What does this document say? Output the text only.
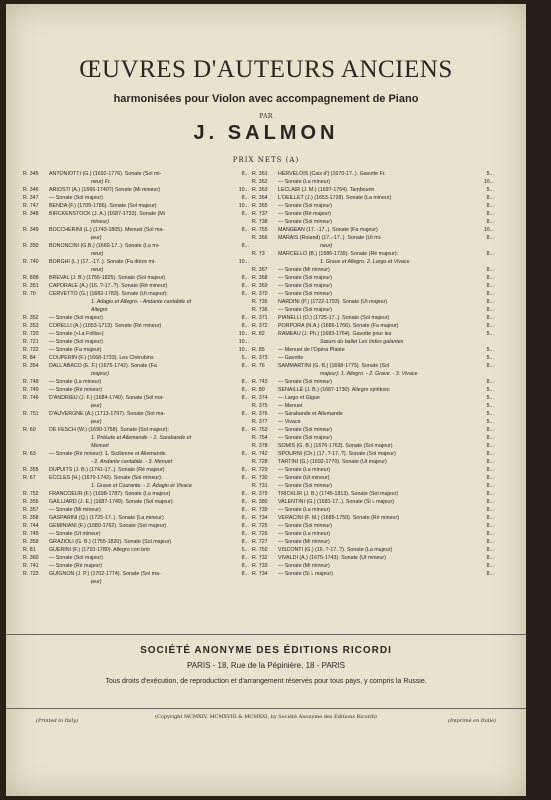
ŒUVRES D'AUTEURS ANCIENS
harmonisées pour Violon avec accompagnement de Piano
PAR
J. SALMON
PRIX NETS (A)
R. 345	ANTONIOTTI (G.) (1692-1776). Sonate (Sol mi-	8...
neur) Fr.
R. 346	ARIOSTI (A.) (1666-1740?) Sonate (Mi mineur)	10...
R. 347	— Sonate (Sol majeur)	8...
R. 747	BENDA (F.) (1709-1786). Sonate (Sol majeur)	10...
R. 348	BIRCKENSTOCK (J. A.) (1687-1733). Sonate (Mi	8...
mineur)
R. 349	BOCCHERINI (L.) (1743-1805). Menuet (Sol ma-	8...
jeur)
R. 350	BONONCINI (G.B.) (1660-17..). Sonate (La mi-	8...
neur)
R. 740	BORGHI (L.) (17..-17..). Sonate (Fa dièze mi-	10...
neur)
R. 808	BREVAL (J. B.) (1756-1825). Sonate (Sol majeur)	8...
R. 351	CAPORALE (A.) (16..?-17..?). Sonate (Ré mineur)	8...
R. 70	CERVETTO (G.) (1682-1783). Sonate (Ut majeur):	8...
1. Adagio et Allegro. - Andante cantabile et
Allegro
R. 352	— Sonate (Sol majeur)	8...
R. 353	CORELLI (A.) (1653-1713). Sonate (Ré mineur)	8...
R. 720	— Sonate («La Follia»)	10...
R. 721	— Sonate (Sol majeur)	10...
R. 722	— Sonate (Fa majeur)	10...
R. 84	COUPERIN (F.) (1668-1733). Les Chérubins	5...
R. 354	DALL'ABACO (E. F.) (1675-1742). Sonate (Fa	8...
majeur)
R. 748	— Sonate (La mineur)	8...
R. 749	— Sonate (Ré mineur)	8...
R. 746	D'ANDRIEU (J. F.) (1684-1740). Sonate (Sol ma-	8...
jeur)
R. 751	D'AUVERGNE (A.) (1713-1797). Sonate (Sol ma-	8...
jeur)
R. 60	DE FESCH (W.) (1690-1758). Sonate (Sol majeur):	8...
1. Prélude et Allemande. - 2. Sarabande et
Menuet
R. 63	— Sonate (Ré mineur): 1. Sicilienne et Allemande.	8...
- 2. Andante cantabile. - 3. Menuet
R. 355	DUPUITS (J. B.) (1741-17..). Sonate (Ré majeur)	8...
R. 67	ECCLES (H.) (1670-1742). Sonate (Sol mineur):	8...
1. Grave et Courante. - 2. Adagio et Vivace
R. 752	FRANCOEUR (F.) (1698-1787). Sonate (La majeur)	8...
R. 356	GAILLIARD (J. E.) (1687-1749). Sonate (Sol majeur)	8...
R. 357	— Sonate (Mi mineur)	8...
R. 358	GASPARINI (Q.) (1725-17..). Sonate (La mineur)	8...
R. 744	GEMINIANI (F.) (1680-1762). Sonate (Sol majeur)	8...
R. 745	— Sonate (Ut mineur)	8...
R. 359	GRAZIOLI (G. B.) (1755-1820). Sonate (Sol majeur)	8...
R. 81	GUERINI (F.) (1710-1780). Allegro con brio	5...
R. 360	— Sonate (Sol majeur)	8...
R. 741	— Sonate (Ré majeur)	8...
R. 723	GUIGNON (J. P.) (1702-1774). Sonate (Sol ma-	8...
jeur)
R. 361	HERVELOIS (Caix d') (1670-17..). Gavotte Fr.	5...
R. 362	— Sonate (La mineur)	10...
R. 363	LECLAIR (J. M.) (1697-1764). Tambourin	5...
R. 364	L'OEILLET (J.) (1653-1728). Sonate (La mineur)	8...
R. 365	— Sonate (Sol majeur)	8...
R. 737	— Sonate (Ré majeur)	8...
R. 738	— Sonate (Sol mineur)	8...
R. 755	MANGEAN (17..-17..). Sonate (Fa majeur)	10...
R. 366	MARAIS (Roland) (17..-17..). Sonate (Ut mi-	8...
neur)
R. 73	MARCELLO (B.) (1686-1739). Sonate (Ré majeur):	8...
1. Grave et Allegro. 2. Largo et Vivace
R. 367	— Sonate (Mi mineur)	8...
R. 368	— Sonate (Sol majeur)	8...
R. 369	— Sonate (Sol majeur)	8...
R. 370	— Sonate (Sol mineur)	8...
R. 735	NARDINI (P.) (1722-1793). Sonate (Ut majeur)	8...
R. 736	— Sonate (Sol majeur)	8...
R. 371	PIANELLI (O.) (1725-17..). Sonate (Sol majeur)	8...
R. 372	PORPORA (N.A.) (1686-1766). Sonate (Fa majeur)	8...
R. 82	RAMEAU (J. Ph.) (1683-1764). Gavotte pour les	5...
Sœurs du ballet Les Indes galantes
R. 85	— Menuet de l'Opéra Platée	5...
R. 373	— Gavotte	5...
R. 76	SAMMARTINI (G. B.) (1698-1775). Sonate (Sol	8...
majeur): 1. Allegro. - 2. Grave. - 3. Vivace
R. 743	— Sonate (Sol mineur)	8...
R. 80	SENAILLÉ (J. B.) (1687-1730). Allegro spiritoso	5...
R. 374	— Largo et Gigue	5...
R. 375	— Menuet	5...
R. 376	— Sarabande et Allemande	5...
R. 377	— Vivace	5...
R. 753	— Sonate (Sol mineur)	8...
R. 754	— Sonate (Sol majeur)	8...
R. 378	SOMIS (G. B.) (1676-1763). Sonate (Sol majeur)	8...
R. 742	SPOURNI (Ch.) (17..?-17..?). Sonate (Sol majeur)	8...
R. 728	TARTINI (G.) (1692-1770). Sonate (Ut majeur)	8...
R. 729	— Sonate (La mineur)	8...
R. 730	— Sonate (Ut mineur)	8...
R. 731	— Sonate (Sol mineur)	8...
R. 379	TRICKLIR (J. B.) (1745-1813). Sonate (Sol majeur)	8...
R. 380	VALENTINI (G.) (1681-17..). Sonate (Si ♭ majeur)	8...
R. 739	— Sonate (La mineur)	8...
R. 734	VERACINI (F. M.) (1685-1750). Sonate (Ré mineur)	8...
R. 725	— Sonate (Sol mineur)	8...
R. 726	— Sonate (La mineur)	8...
R. 727	— Sonate (Mi mineur)	8...
R. 750	VISCONTI (G.) (16..?-17..?). Sonate (La majeur)	8...
R. 732	VIVALDI (A.) (1675-1743). Sonate (Ut mineur)	8...
R. 733	— Sonate (Mi mineur)	8...
R. 734	— Sonate (Si ♭ majeur)	8...
SOCIÉTÉ ANONYME DES ÉDITIONS RICORDI
PARIS - 18, Rue de la Pépinière, 18 - PARIS
Tous droits d'exécution, de reproduction et d'arrangement réservés pour tous pays, y compris la Russie.
(Printed in Italy)
(Copyright MCMXIV, MCMXVIII & MCMXXI, by Société Anonyme des Éditions Ricordi)
(Imprimé en Italie)
